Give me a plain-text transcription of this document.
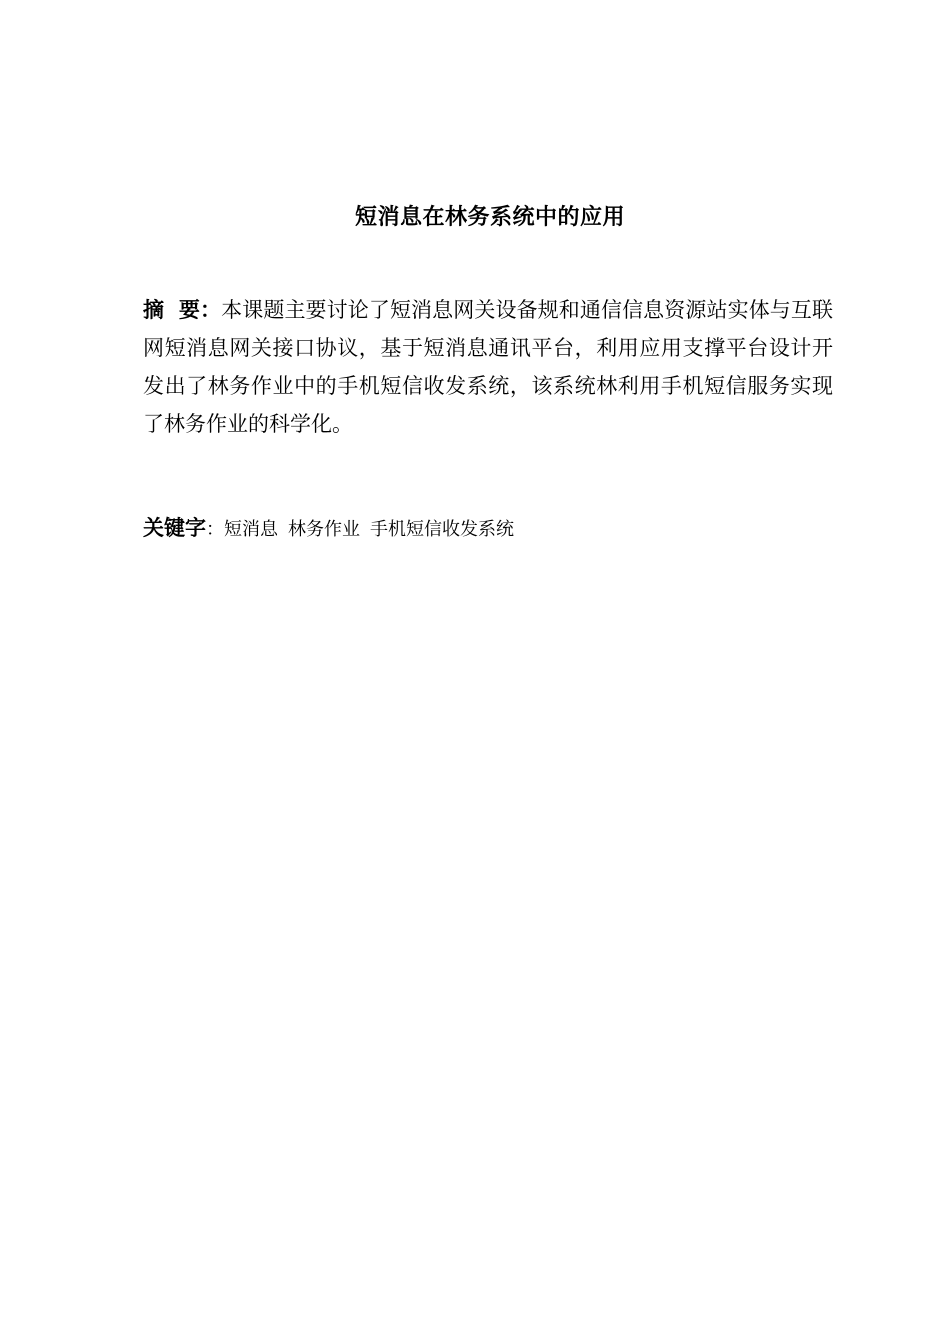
短消息在林务系统中的应用
摘  要：本课题主要讨论了短消息网关设备规和通信信息资源站实体与互联网短消息网关接口协议，基于短消息通讯平台，利用应用支撑平台设计开发出了林务作业中的手机短信收发系统，该系统林利用手机短信服务实现了林务作业的科学化。
关键字：短消息 林务作业 手机短信收发系统
